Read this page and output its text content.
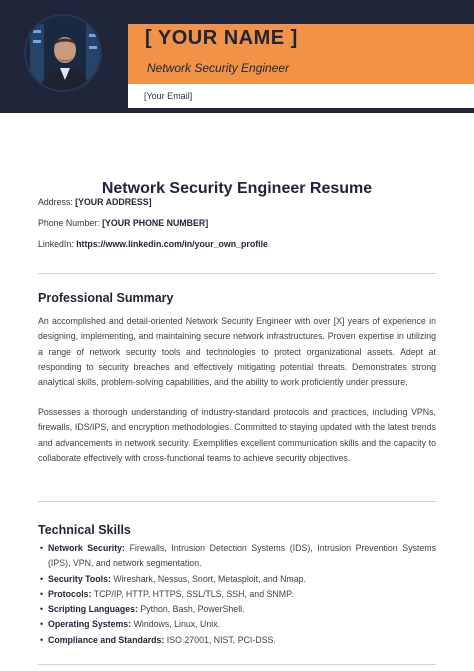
[ YOUR NAME ]
Network Security Engineer
[Your Email]
Network Security Engineer Resume
Address: [YOUR ADDRESS]
Phone Number: [YOUR PHONE NUMBER]
LinkedIn: https://www.linkedin.com/in/your_own_profile
Professional Summary
An accomplished and detail-oriented Network Security Engineer with over [X] years of experience in designing, implementing, and maintaining secure network infrastructures. Proven expertise in utilizing a range of network security tools and technologies to protect organizational assets. Adept at responding to security breaches and effectively mitigating potential threats. Demonstrates strong analytical skills, problem-solving capabilities, and the ability to work proficiently under pressure.
Possesses a thorough understanding of industry-standard protocols and practices, including VPNs, firewalls, IDS/IPS, and encryption methodologies. Committed to staying updated with the latest trends and advancements in network security. Exemplifies excellent communication skills and the capacity to collaborate effectively with cross-functional teams to achieve security objectives.
Technical Skills
• Network Security: Firewalls, Intrusion Detection Systems (IDS), Intrusion Prevention Systems (IPS), VPN, and network segmentation.
• Security Tools: Wireshark, Nessus, Snort, Metasploit, and Nmap.
• Protocols: TCP/IP, HTTP, HTTPS, SSL/TLS, SSH, and SNMP.
• Scripting Languages: Python, Bash, PowerShell.
• Operating Systems: Windows, Linux, Unix.
• Compliance and Standards: ISO 27001, NIST, PCI-DSS.
